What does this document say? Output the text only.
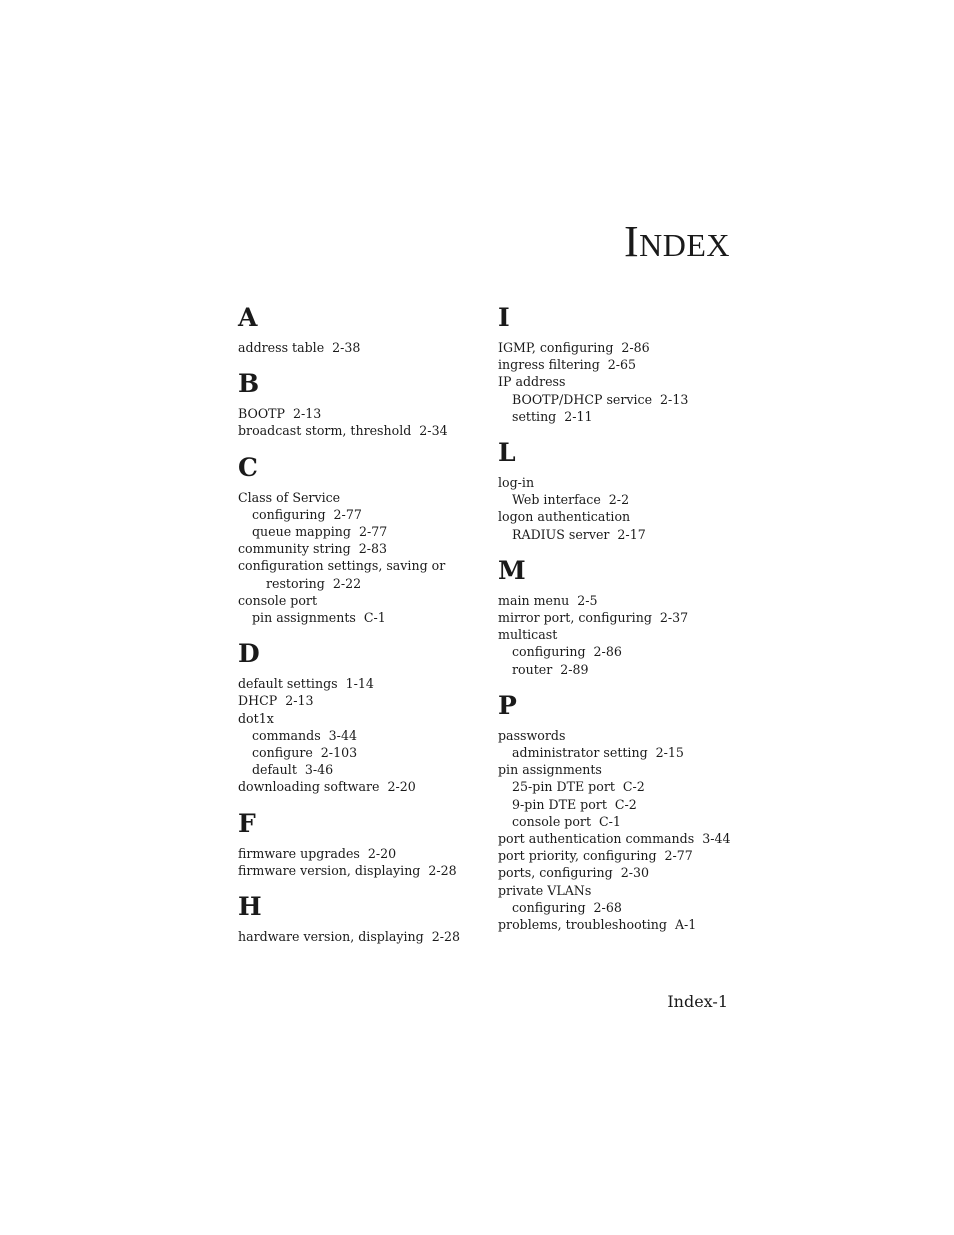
INDEX
A
address table 2-38
B
BOOTP 2-13
broadcast storm, threshold 2-34
C
Class of Service
configuring 2-77
queue mapping 2-77
community string 2-83
configuration settings, saving or
restoring 2-22
console port
pin assignments C-1
D
default settings 1-14
DHCP 2-13
dot1x
commands 3-44
configure 2-103
default 3-46
downloading software 2-20
F
firmware upgrades 2-20
firmware version, displaying 2-28
H
hardware version, displaying 2-28
I
IGMP, configuring 2-86
ingress filtering 2-65
IP address
BOOTP/DHCP service 2-13
setting 2-11
L
log-in
Web interface 2-2
logon authentication
RADIUS server 2-17
M
main menu 2-5
mirror port, configuring 2-37
multicast
configuring 2-86
router 2-89
P
passwords
administrator setting 2-15
pin assignments
25-pin DTE port C-2
9-pin DTE port C-2
console port C-1
port authentication commands 3-44
port priority, configuring 2-77
ports, configuring 2-30
private VLANs
configuring 2-68
problems, troubleshooting A-1
Index-1
